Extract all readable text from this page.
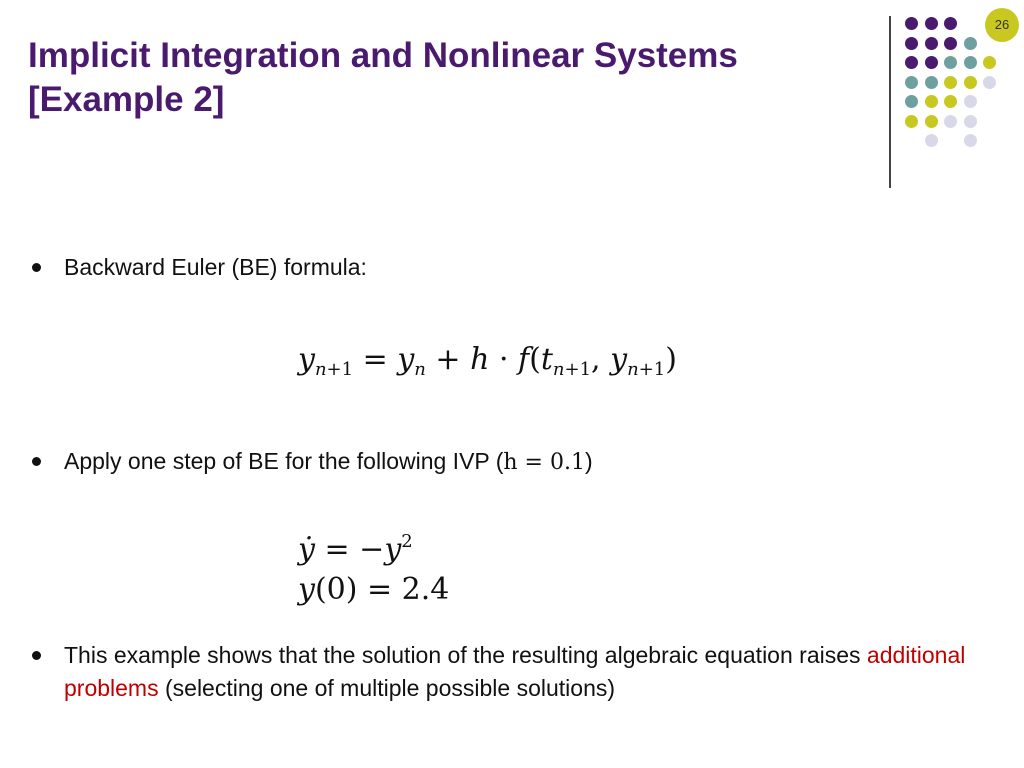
Implicit Integration and Nonlinear Systems
[Example 2]
26
Backward Euler (BE) formula:
$y_{n+1} = y_n + h \cdot f(t_{n+1}$, $y_{n+1}$)
Apply one step of BE for the following IVP (h = 0.1)
ẏ = $-y^2$
y(0) = 2.4
This example shows that the solution of the resulting algebraic equation raises additional problems (selecting one of multiple possible solutions)
